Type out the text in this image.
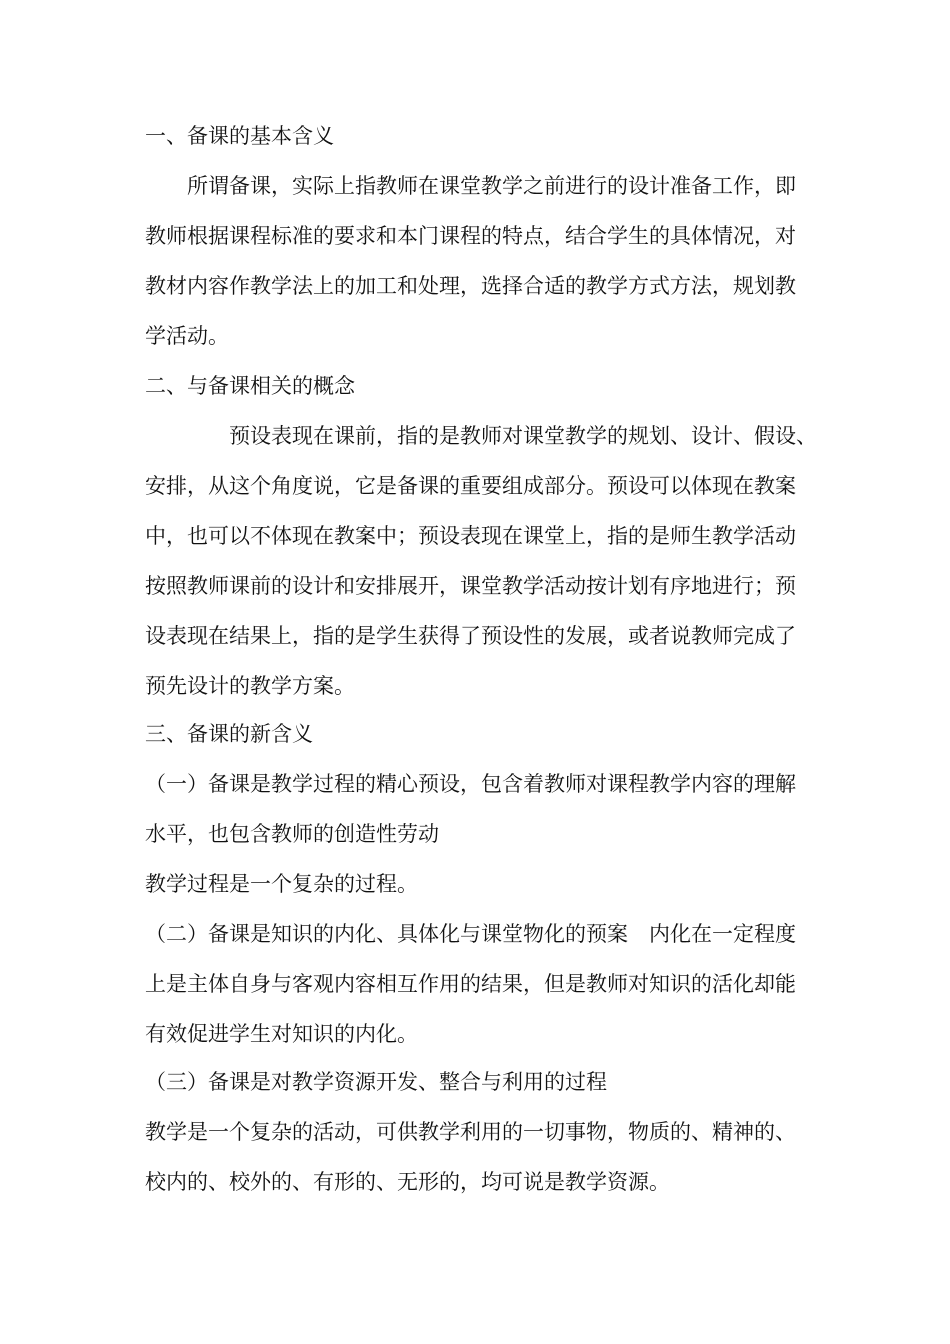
一、备课的基本含义
　　所谓备课，实际上指教师在课堂教学之前进行的设计准备工作，即
教师根据课程标准的要求和本门课程的特点，结合学生的具体情况，对
教材内容作教学法上的加工和处理，选择合适的教学方式方法，规划教
学活动。
二、与备课相关的概念
　　　　预设表现在课前，指的是教师对课堂教学的规划、设计、假设、
安排，从这个角度说，它是备课的重要组成部分。预设可以体现在教案
中，也可以不体现在教案中；预设表现在课堂上，指的是师生教学活动
按照教师课前的设计和安排展开，课堂教学活动按计划有序地进行；预
设表现在结果上，指的是学生获得了预设性的发展，或者说教师完成了
预先设计的教学方案。
三、备课的新含义
（一）备课是教学过程的精心预设，包含着教师对课程教学内容的理解
水平，也包含教师的创造性劳动
教学过程是一个复杂的过程。
（二）备课是知识的内化、具体化与课堂物化的预案　内化在一定程度
上是主体自身与客观内容相互作用的结果，但是教师对知识的活化却能
有效促进学生对知识的内化。
（三）备课是对教学资源开发、整合与利用的过程
教学是一个复杂的活动，可供教学利用的一切事物，物质的、精神的、
校内的、校外的、有形的、无形的，均可说是教学资源。
